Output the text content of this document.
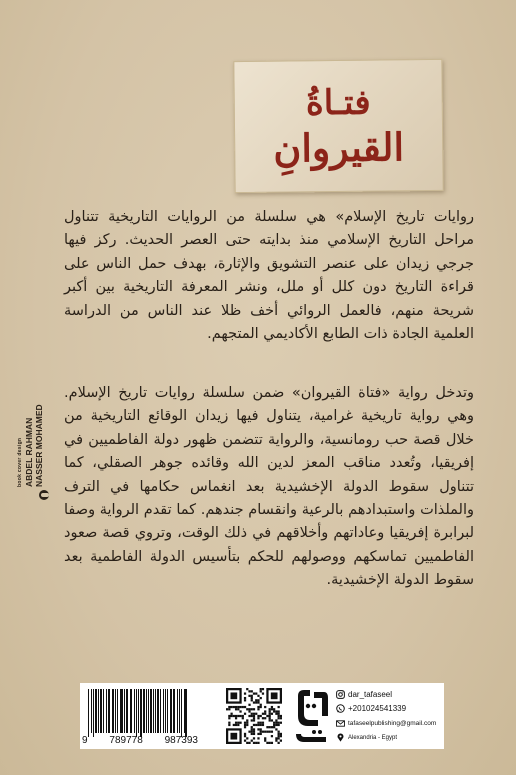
فتـاةُ
القيروانِ
روايات تاريخ الإسلام» هي سلسلة من الروايات التاريخية تتناول مراحل التاريخ الإسلامي منذ بدايته حتى العصر الحديث. ركز فيها جرجي زيدان على عنصر التشويق والإثارة، بهدف حمل الناس على قراءة التاريخ دون كلل أو ملل، ونشر المعرفة التاريخية بين أكبر شريحة منهم، فالعمل الروائي أخف ظلا عند الناس من الدراسة العلمية الجادة ذات الطابع الأكاديمي المتجهم.
وتدخل رواية «فتاة القيروان» ضمن سلسلة روايات تاريخ الإسلام. وهي رواية تاريخية غرامية، يتناول فيها زيدان الوقائع التاريخية من خلال قصة حب رومانسية، والرواية تتضمن ظهور دولة الفاطميين في إفريقيا، وتُعدد مناقب المعز لدين الله وقائده جوهر الصقلي، كما تتناول سقوط الدولة الإخشيدية بعد انغماس حكامها في الترف والملذات واستبدادهم بالرعية وانقسام جندهم. كما تقدم الرواية وصفا لبرابرة إفريقيا وعاداتهم وأخلاقهم في ذلك الوقت، وتروي قصة صعود الفاطميين تماسكهم ووصولهم للحكم بتأسيس الدولة الفاطمية بعد سقوط الدولة الإخشيدية.
book cover design ABDEL RAHMAN NASSER MOHAMED
9 789778 987393
dar_tafaseel
+201024541339
tafaseelpublishing@gmail.com
Alexandria - Egypt
